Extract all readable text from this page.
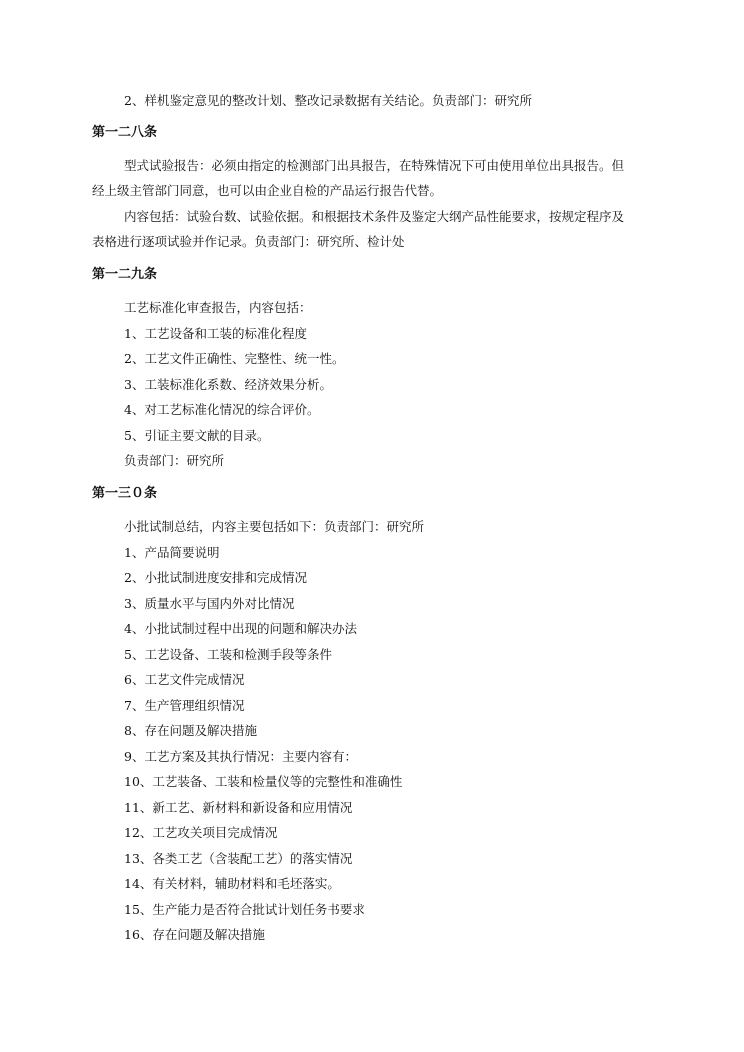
2、样机鉴定意见的整改计划、整改记录数据有关结论。负责部门：研究所
第一二八条
型式试验报告：必须由指定的检测部门出具报告，在特殊情况下可由使用单位出具报告。但
经上级主管部门同意，也可以由企业自检的产品运行报告代替。
内容包括：试验台数、试验依据。和根据技术条件及鉴定大纲产品性能要求，按规定程序及
表格进行逐项试验并作记录。负责部门：研究所、检计处
第一二九条
工艺标准化审查报告，内容包括：
1、工艺设备和工装的标准化程度
2、工艺文件正确性、完整性、统一性。
3、工装标准化系数、经济效果分析。
4、对工艺标准化情况的综合评价。
5、引证主要文献的目录。
负责部门：研究所
第一三０条
小批试制总结，内容主要包括如下：负责部门：研究所
1、产品简要说明
2、小批试制进度安排和完成情况
3、质量水平与国内外对比情况
4、小批试制过程中出现的问题和解决办法
5、工艺设备、工装和检测手段等条件
6、工艺文件完成情况
7、生产管理组织情况
8、存在问题及解决措施
9、工艺方案及其执行情况：主要内容有：
10、工艺装备、工装和检量仪等的完整性和准确性
11、新工艺、新材料和新设备和应用情况
12、工艺攻关项目完成情况
13、各类工艺（含装配工艺）的落实情况
14、有关材料，辅助材料和毛坯落实。
15、生产能力是否符合批试计划任务书要求
16、存在问题及解决措施
